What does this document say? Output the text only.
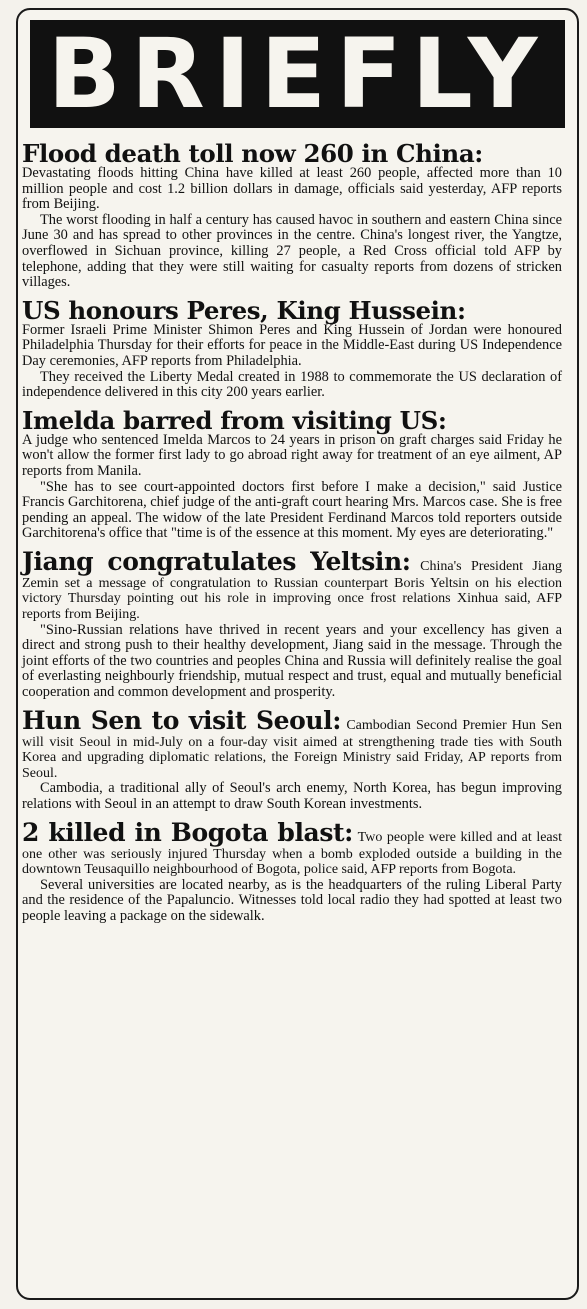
BRIEFLY
Flood death toll now 260 in China:

Devastating floods hitting China have killed at least 260 people, affected more than 10 million people and cost 1.2 billion dollars in damage, officials said yesterday, AFP reports from Beijing.

The worst flooding in half a century has caused havoc in southern and eastern China since June 30 and has spread to other provinces in the centre. China's longest river, the Yangtze, overflowed in Sichuan province, killing 27 people, a Red Cross official told AFP by telephone, adding that they were still waiting for casualty reports from dozens of stricken villages.

US honours Peres, King Hussein:

Former Israeli Prime Minister Shimon Peres and King Hussein of Jordan were honoured Philadelphia Thursday for their efforts for peace in the Middle-East during US Independence Day ceremonies, AFP reports from Philadelphia.

They received the Liberty Medal created in 1988 to commemorate the US declaration of independence delivered in this city 200 years earlier.

Imelda barred from visiting US:

A judge who sentenced Imelda Marcos to 24 years in prison on graft charges said Friday he won't allow the former first lady to go abroad right away for treatment of an eye ailment, AP reports from Manila.

"She has to see court-appointed doctors first before I make a decision," said Justice Francis Garchitorena, chief judge of the anti-graft court hearing Mrs. Marcos case. She is free pending an appeal. The widow of the late President Ferdinand Marcos told reporters outside Garchitorena's office that "time is of the essence at this moment. My eyes are deteriorating."

Jiang congratulates Yeltsin: China's President Jiang Zemin set a message of congratulation to Russian counterpart Boris Yeltsin on his election victory Thursday pointing out his role in improving once frost relations Xinhua said, AFP reports from Beijing.

"Sino-Russian relations have thrived in recent years and your excellency has given a direct and strong push to their healthy development, Jiang said in the message. Through the joint efforts of the two countries and peoples China and Russia will definitely realise the goal of everlasting neighbourly friendship, mutual respect and trust, equal and mutually beneficial cooperation and common development and prosperity.

Hun Sen to visit Seoul: Cambodian Second Premier Hun Sen will visit Seoul in mid-July on a four-day visit aimed at strengthening trade ties with South Korea and upgrading diplomatic relations, the Foreign Ministry said Friday, AP reports from Seoul.

Cambodia, a traditional ally of Seoul's arch enemy, North Korea, has begun improving relations with Seoul in an attempt to draw South Korean investments.

2 killed in Bogota blast: Two people were killed and at least one other was seriously injured Thursday when a bomb exploded outside a building in the downtown Teusaquillo neighbourhood of Bogota, police said, AFP reports from Bogota.

Several universities are located nearby, as is the headquarters of the ruling Liberal Party and the residence of the Papaluncio. Witnesses told local radio they had spotted at least two people leaving a package on the sidewalk.
